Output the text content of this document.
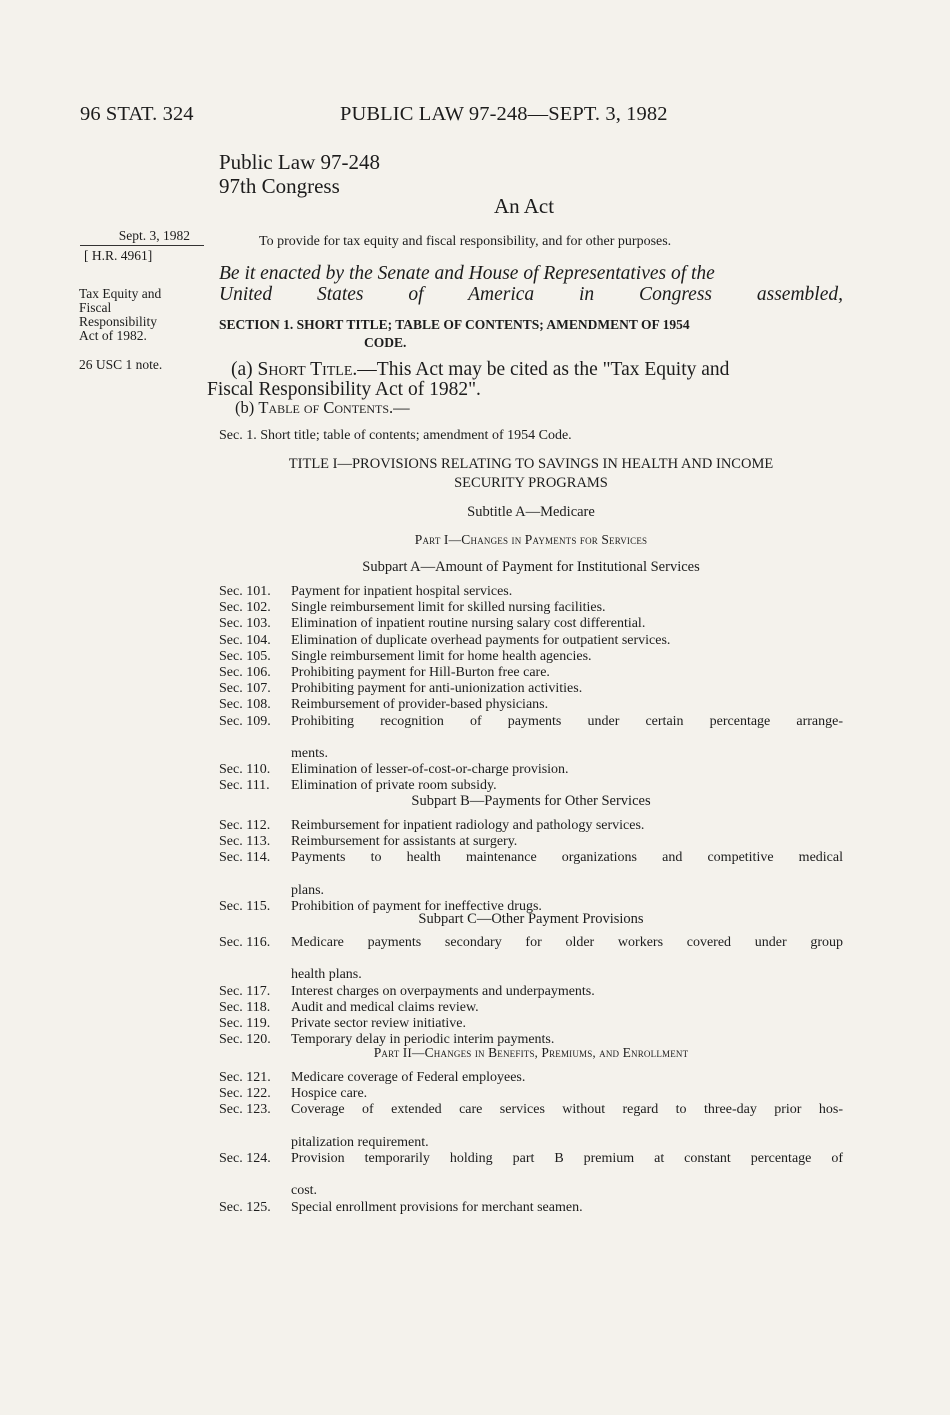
96 STAT. 324	PUBLIC LAW 97-248—SEPT. 3, 1982
Public Law 97-248
97th Congress
An Act
Sept. 3, 1982
[ H.R. 4961]
Tax Equity and
Fiscal
Responsibility
Act of 1982.
26 USC 1 note.
To provide for tax equity and fiscal responsibility, and for other purposes.
Be it enacted by the Senate and House of Representatives of the
United States of America in Congress assembled,
SECTION 1. SHORT TITLE; TABLE OF CONTENTS; AMENDMENT OF 1954
CODE.
(a) Short Title.—This Act may be cited as the "Tax Equity and
Fiscal Responsibility Act of 1982".
(b) Table of Contents.—
Sec. 1. Short title; table of contents; amendment of 1954 Code.
TITLE I—PROVISIONS RELATING TO SAVINGS IN HEALTH AND INCOME
SECURITY PROGRAMS
Subtitle A—Medicare
Part I—Changes in Payments for Services
Subpart A—Amount of Payment for Institutional Services
Sec. 101.	Payment for inpatient hospital services.
Sec. 102.	Single reimbursement limit for skilled nursing facilities.
Sec. 103.	Elimination of inpatient routine nursing salary cost differential.
Sec. 104.	Elimination of duplicate overhead payments for outpatient services.
Sec. 105.	Single reimbursement limit for home health agencies.
Sec. 106.	Prohibiting payment for Hill-Burton free care.
Sec. 107.	Prohibiting payment for anti-unionization activities.
Sec. 108.	Reimbursement of provider-based physicians.
Sec. 109.	Prohibiting recognition of payments under certain percentage arrange-
ments.
Sec. 110.	Elimination of lesser-of-cost-or-charge provision.
Sec. 111.	Elimination of private room subsidy.
Subpart B—Payments for Other Services
Sec. 112.	Reimbursement for inpatient radiology and pathology services.
Sec. 113.	Reimbursement for assistants at surgery.
Sec. 114.	Payments to health maintenance organizations and competitive medical
plans.
Sec. 115.	Prohibition of payment for ineffective drugs.
Subpart C—Other Payment Provisions
Sec. 116.	Medicare payments secondary for older workers covered under group
health plans.
Sec. 117.	Interest charges on overpayments and underpayments.
Sec. 118.	Audit and medical claims review.
Sec. 119.	Private sector review initiative.
Sec. 120.	Temporary delay in periodic interim payments.
Part II—Changes in Benefits, Premiums, and Enrollment
Sec. 121.	Medicare coverage of Federal employees.
Sec. 122.	Hospice care.
Sec. 123.	Coverage of extended care services without regard to three-day prior hos-
pitalization requirement.
Sec. 124.	Provision temporarily holding part B premium at constant percentage of
cost.
Sec. 125.	Special enrollment provisions for merchant seamen.
